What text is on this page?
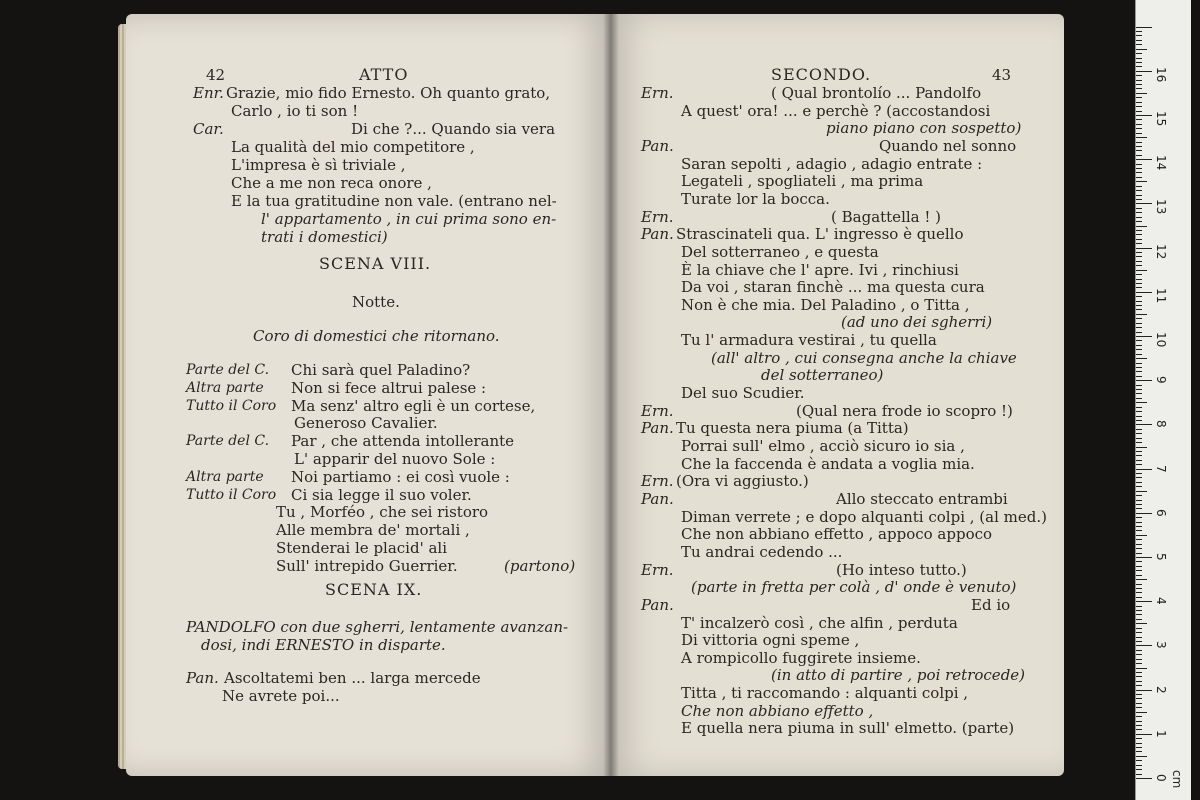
42	ATTO
Enr. Grazie, mio fido Ernesto. Oh quanto grato,
Carlo , io ti son !
Car.	Di che ?... Quando sia vera
La qualità del mio competitore ,
L'impresa è sì triviale ,
Che a me non reca onore ,
E la tua gratitudine non vale. (entrano nel-
l' appartamento , in cui prima sono en-
trati i domestici)
SCENA VIII.
Notte.
Coro di domestici che ritornano.
Parte del C. Chi sarà quel Paladino?
Altra parte Non si fece altrui palese :
Tutto il Coro Ma senz' altro egli è un cortese,
Generoso Cavalier.
Parte del C. Par , che attenda intollerante
L' apparir del nuovo Sole :
Altra parte Noi partiamo : ei così vuole :
Tutto il Coro Ci sia legge il suo voler.
Tu , Morféo , che sei ristoro
Alle membra de' mortali ,
Stenderai le placid' ali
Sull' intrepido Guerrier.	(partono)
SCENA IX.
PANDOLFO con due sgherri, lentamente avanzan-
dosi, indi ERNESTO in disparte.
Pan. Ascoltatemi ben ... larga mercede
Ne avrete poi...
SECONDO.	43
Ern.	( Qual brontolío ... Pandolfo
A quest' ora! ... e perchè ? (accostandosi
piano piano con sospetto)
Pan.	Quando nel sonno
Saran sepolti , adagio , adagio entrate :
Legateli , spogliateli , ma prima
Turate lor la bocca.
Ern.	( Bagattella ! )
Pan. Strascinateli qua. L' ingresso è quello
Del sotterraneo , e questa
È la chiave che l' apre. Ivi , rinchiusi
Da voi , staran finchè ... ma questa cura
Non è che mia. Del Paladino , o Titta ,
(ad uno dei sgherri)
Tu l' armadura vestirai , tu quella
(all' altro , cui consegna anche la chiave
del sotterraneo)
Del suo Scudier.
Ern.	(Qual nera frode io scopro !)
Pan. Tu questa nera piuma (a Titta)
Porrai sull' elmo , acciò sicuro io sia ,
Che la faccenda è andata a voglia mia.
Ern. (Ora vi aggiusto.)
Pan.	Allo steccato entrambi
Diman verrete ; e dopo alquanti colpi , (al med.)
Che non abbiano effetto , appoco appoco
Tu andrai cedendo ...
Ern.	(Ho inteso tutto.)
(parte in fretta per colà , d' onde è venuto)
Pan.	Ed io
T' incalzerò così , che alfin , perduta
Di vittoria ogni speme ,
A rompicollo fuggirete insieme.
(in atto di partire , poi retrocede)
Titta , ti raccomando : alquanti colpi ,
Che non abbiano effetto ,
E quella nera piuma in sull' elmetto. (parte)
0
1
2
3
4
5
6
7
8
9
10
11
12
13
14
15
16
cm
